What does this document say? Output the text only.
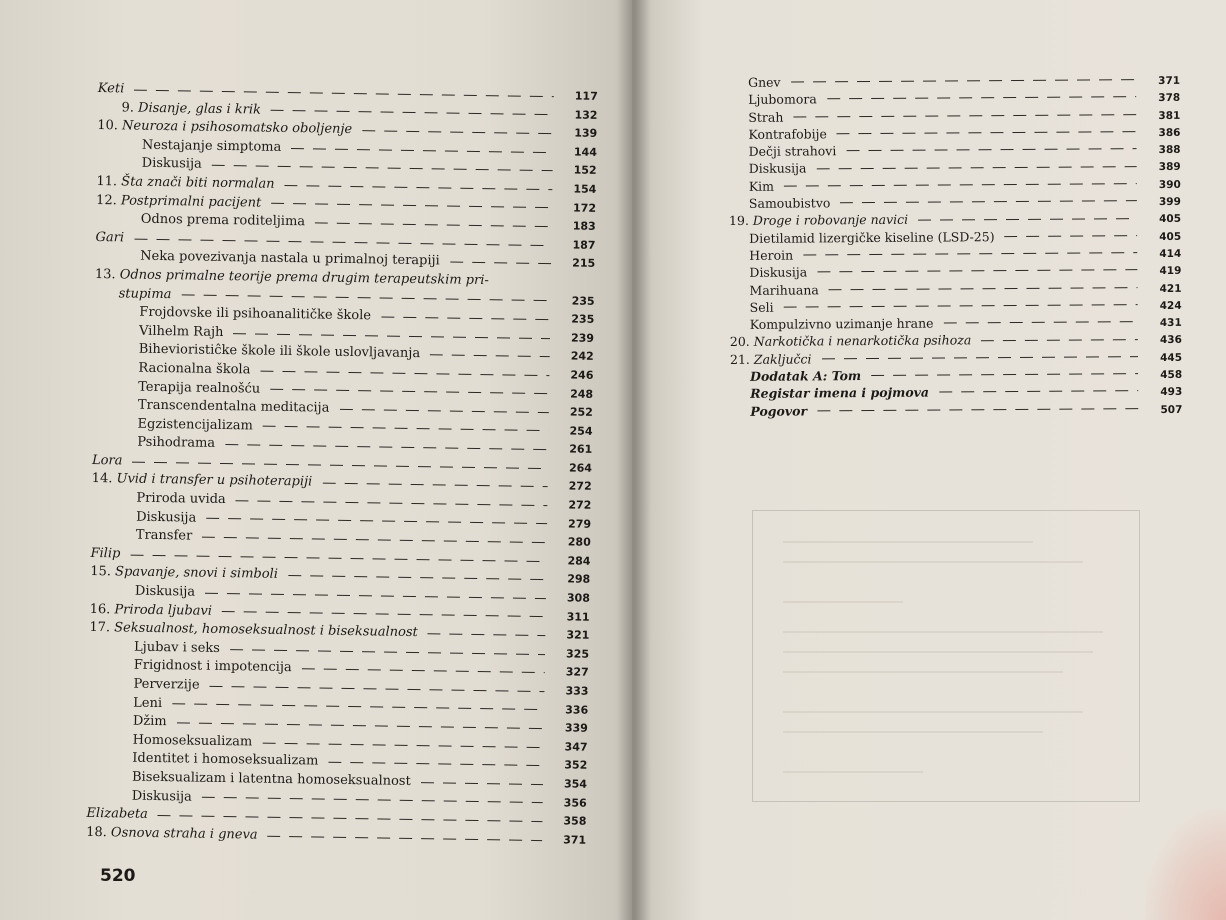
Keti	117
9. Disanje, glas i krik	132
10. Neuroza i psihosomatsko oboljenje	139
Nestajanje simptoma	144
Diskusija	152
11. Šta znači biti normalan	154
12. Postprimalni pacijent	172
Odnos prema roditeljima	183
Gari	187
Neka povezivanja nastala u primalnoj terapiji	215
13. Odnos primalne teorije prema drugim terapeutskim pri-
stupima	235
Frojdovske ili psihoanalitičke škole	235
Vilhelm Rajh	239
Bihevioristiĉke škole ili škole uslovljavanja	242
Racionalna škola	246
Terapija realnošću	248
Transcendentalna meditacija	252
Egzistencijalizam	254
Psihodrama	261
Lora	264
14. Uvid i transfer u psihoterapiji	272
Priroda uvida	272
Diskusija	279
Transfer	280
Filip	284
15. Spavanje, snovi i simboli	298
Diskusija	308
16. Priroda ljubavi	311
17. Seksualnost, homoseksualnost i biseksualnost	321
Ljubav i seks	325
Frigidnost i impotencija	327
Perverzije	333
Leni	336
Džim	339
Homoseksualizam	347
Identitet i homoseksualizam	352
Biseksualizam i latentna homoseksualnost	354
Diskusija	356
Elizabeta	358
18. Osnova straha i gneva	371
520
Gnev	371
Ljubomora	378
Strah	381
Kontrafobije	386
Dečji strahovi	388
Diskusija	389
Kim	390
Samoubistvo	399
19. Droge i robovanje navici	405
Dietilamid lizergičke kiseline (LSD-25)	405
Heroin	414
Diskusija	419
Marihuana	421
Seli	424
Kompulzivno uzimanje hrane	431
20. Narkotička i nenarkotička psihoza	436
21. Zaključci	445
Dodatak A: Tom	458
Registar imena i pojmova	493
Pogovor	507
